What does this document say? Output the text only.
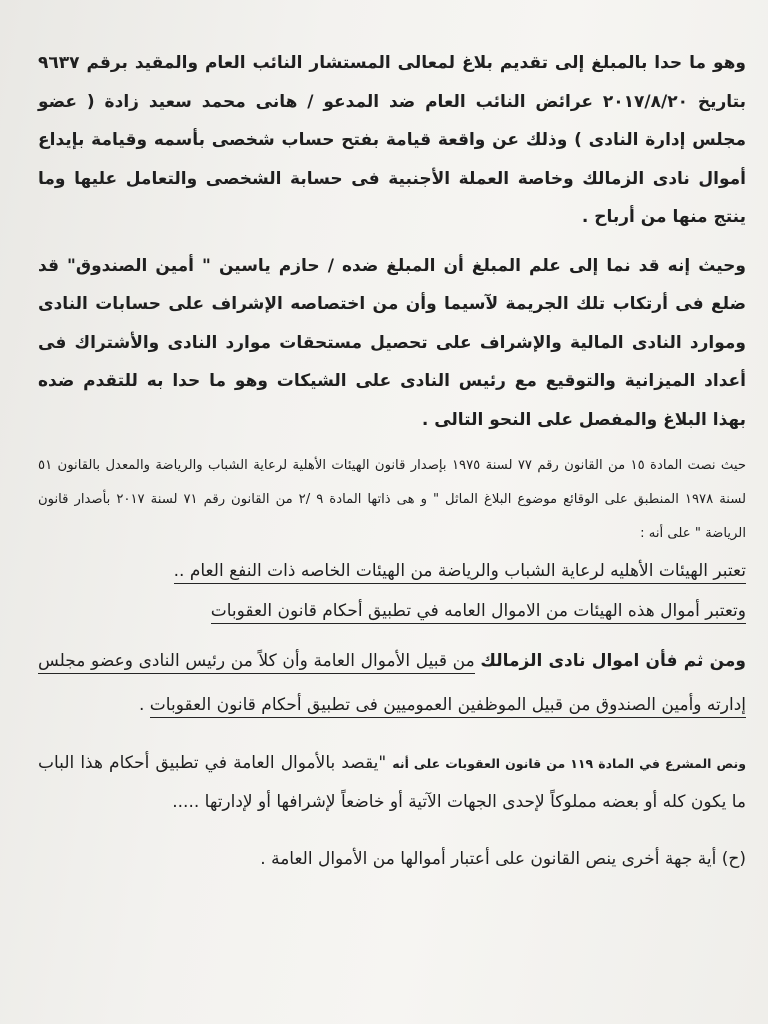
وهو ما حدا بالمبلغ إلى تقديم بلاغ لمعالى المستشار النائب العام والمقيد برقم ٩٦٣٧ بتاريخ ٢٠١٧/٨/٢٠ عرائض النائب العام ضد المدعو / هانى محمد سعيد زادة ( عضو مجلس إدارة النادى ) وذلك عن واقعة قيامة بفتح حساب شخصى بأسمه وقيامة بإيداع أموال نادى الزمالك وخاصة العملة الأجنبية فى حسابة الشخصى والتعامل عليها وما ينتج منها من أرباح .

وحيث إنه قد نما إلى علم المبلغ أن المبلغ ضده / حازم ياسين " أمين الصندوق" قد ضلع فى أرتكاب تلك الجريمة لآسيما وأن من اختصاصه الإشراف على حسابات النادى وموارد النادى المالية والإشراف على تحصيل مستحقات موارد النادى والأشتراك فى أعداد الميزانية والتوقيع مع رئيس النادى على الشيكات وهو ما حدا به للتقدم ضده بهذا البلاغ والمفصل على النحو التالى .

حيث نصت المادة ١٥ من القانون رقم ٧٧ لسنة ١٩٧٥ بإصدار قانون الهيئات الأهلية لرعاية الشباب والرياضة والمعدل بالقانون ٥١ لسنة ١٩٧٨ المنطبق على الوقائع موضوع البلاغ الماثل " و هى ذاتها المادة ٩ /٢ من القانون رقم ٧١ لسنة ٢٠١٧ بأصدار قانون الرياضة " على أنه :

تعتبر الهيئات الأهليه لرعاية الشباب والرياضة من الهيئات الخاصه ذات النفع العام ..

وتعتبر أموال هذه الهيئات من الاموال العامه في تطبيق أحكام قانون العقوبات

ومن ثم فأن اموال نادى الزمالك من قبيل الأموال العامة وأن كلاً من رئيس النادى وعضو مجلس إدارته وأمين الصندوق من قبيل الموظفين العموميين فى تطبيق أحكام قانون العقوبات .

ونص المشرع في المادة ١١٩ من قانون العقوبات على أنه "يقصد بالأموال العامة في تطبيق أحكام هذا الباب ما يكون كله أو بعضه مملوكاً لإحدى الجهات الآتية أو خاضعاً لإشرافها أو لإدارتها .....

(ح) أية جهة أخرى ينص القانون على أعتبار أموالها من الأموال العامة .
